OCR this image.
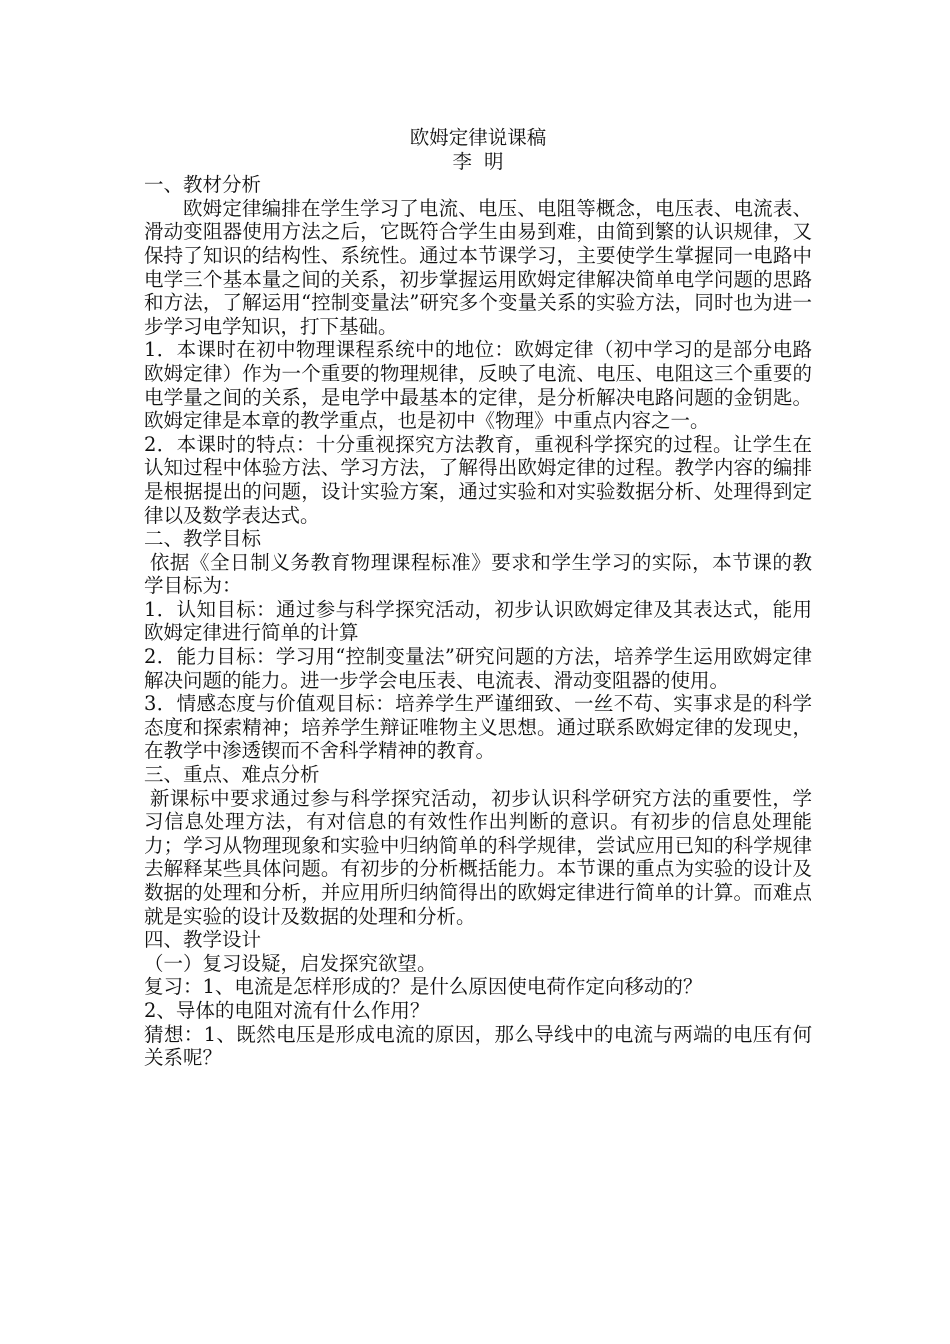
欧姆定律说课稿
李明
一、教材分析
欧姆定律编排在学生学习了电流、电压、电阻等概念，电压表、电流表、滑动变阻器使用方法之后，它既符合学生由易到难，由简到繁的认识规律，又保持了知识的结构性、系统性。通过本节课学习，主要使学生掌握同一电路中电学三个基本量之间的关系，初步掌握运用欧姆定律解决简单电学问题的思路和方法，了解运用“控制变量法”研究多个变量关系的实验方法，同时也为进一步学习电学知识，打下基础。
1．本课时在初中物理课程系统中的地位：欧姆定律（初中学习的是部分电路欧姆定律）作为一个重要的物理规律，反映了电流、电压、电阻这三个重要的电学量之间的关系，是电学中最基本的定律，是分析解决电路问题的金钥匙。欧姆定律是本章的教学重点，也是初中《物理》中重点内容之一。
2．本课时的特点：十分重视探究方法教育，重视科学探究的过程。让学生在认知过程中体验方法、学习方法，了解得出欧姆定律的过程。教学内容的编排是根据提出的问题，设计实验方案，通过实验和对实验数据分析、处理得到定律以及数学表达式。
二、教学目标
依据《全日制义务教育物理课程标准》要求和学生学习的实际，本节课的教学目标为：
1．认知目标：通过参与科学探究活动，初步认识欧姆定律及其表达式，能用欧姆定律进行简单的计算
2．能力目标：学习用“控制变量法”研究问题的方法，培养学生运用欧姆定律解决问题的能力。进一步学会电压表、电流表、滑动变阻器的使用。
3．情感态度与价值观目标：培养学生严谨细致、一丝不苟、实事求是的科学态度和探索精神；培养学生辩证唯物主义思想。通过联系欧姆定律的发现史，在教学中渗透锲而不舍科学精神的教育。
三、重点、难点分析
新课标中要求通过参与科学探究活动，初步认识科学研究方法的重要性，学习信息处理方法，有对信息的有效性作出判断的意识。有初步的信息处理能力；学习从物理现象和实验中归纳简单的科学规律，尝试应用已知的科学规律去解释某些具体问题。有初步的分析概括能力。本节课的重点为实验的设计及数据的处理和分析，并应用所归纳简得出的欧姆定律进行简单的计算。而难点就是实验的设计及数据的处理和分析。
四、教学设计
（一）复习设疑，启发探究欲望。
复习：1、电流是怎样形成的？是什么原因使电荷作定向移动的？
2、导体的电阻对流有什么作用？
猜想：1、既然电压是形成电流的原因，那么导线中的电流与两端的电压有何关系呢？
